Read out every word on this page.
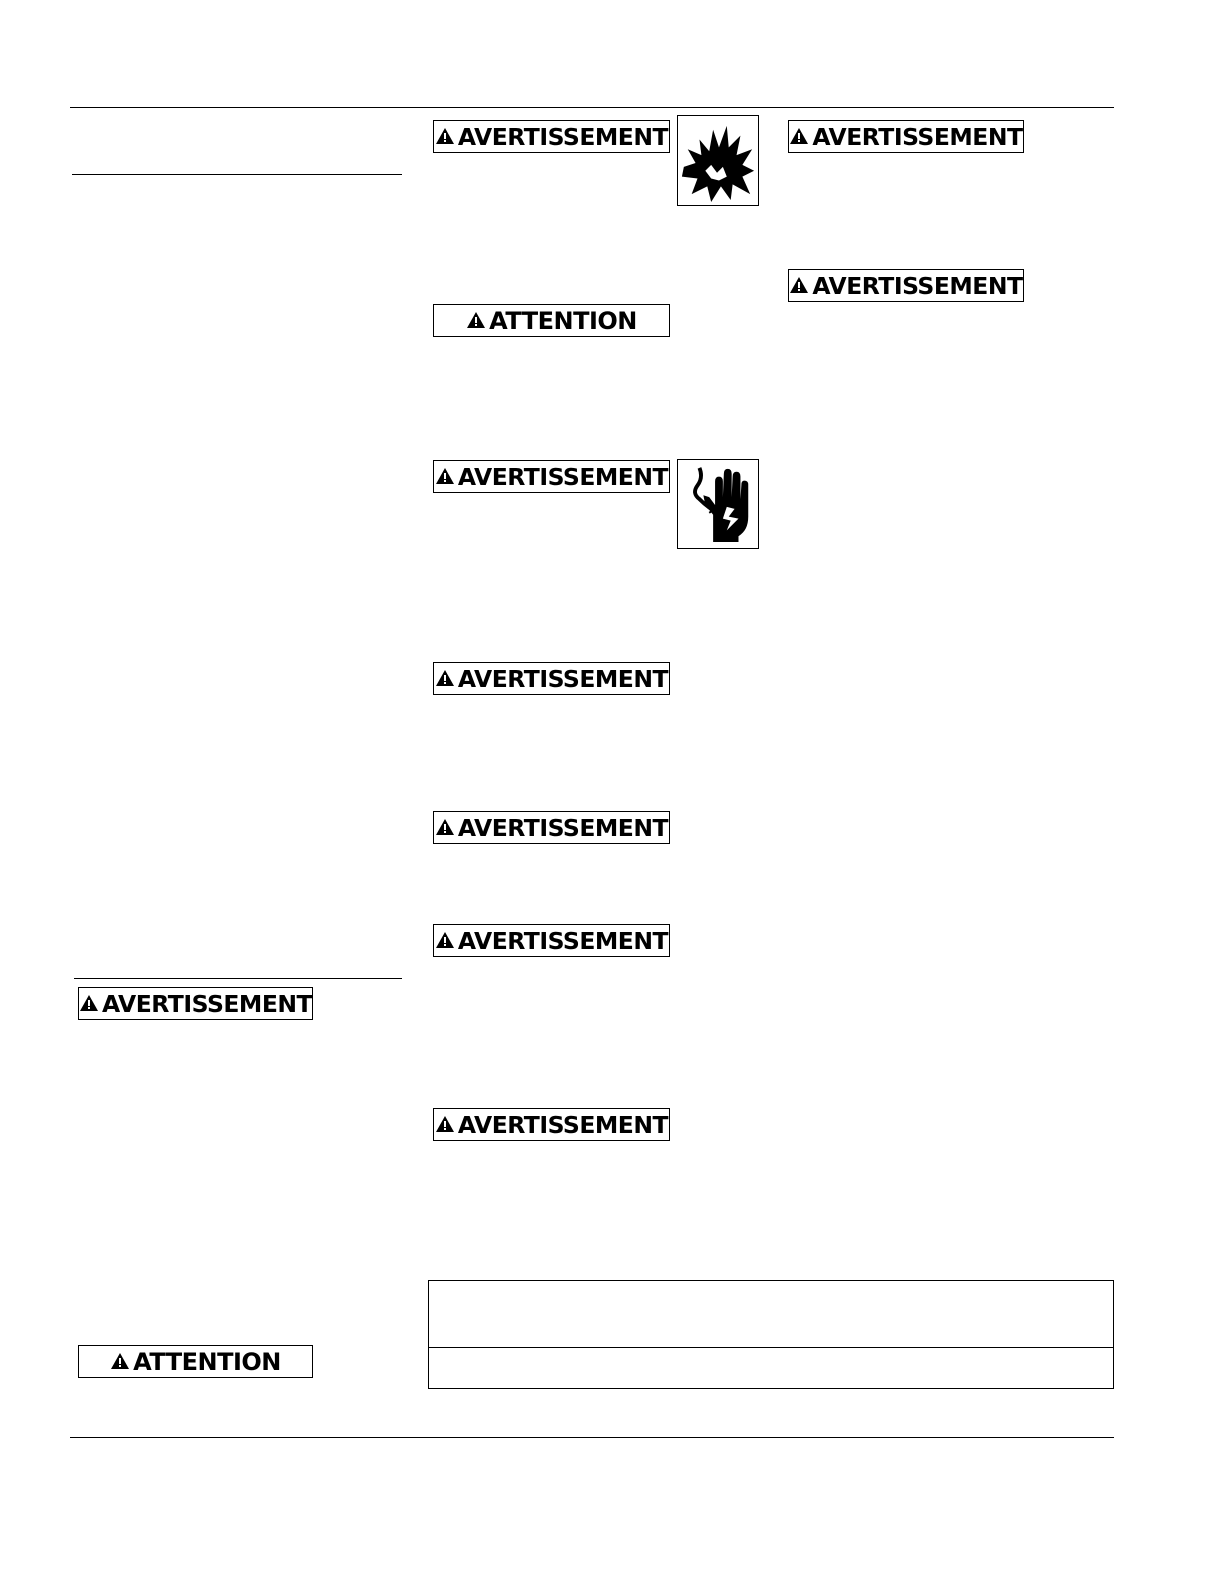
AVERTISSEMENT
ATTENTION
AVERTISSEMENT
ATTENTION
AVERTISSEMENT
AVERTISSEMENT
AVERTISSEMENT
AVERTISSEMENT
AVERTISSEMENT
AVERTISSEMENT
AVERTISSEMENT
